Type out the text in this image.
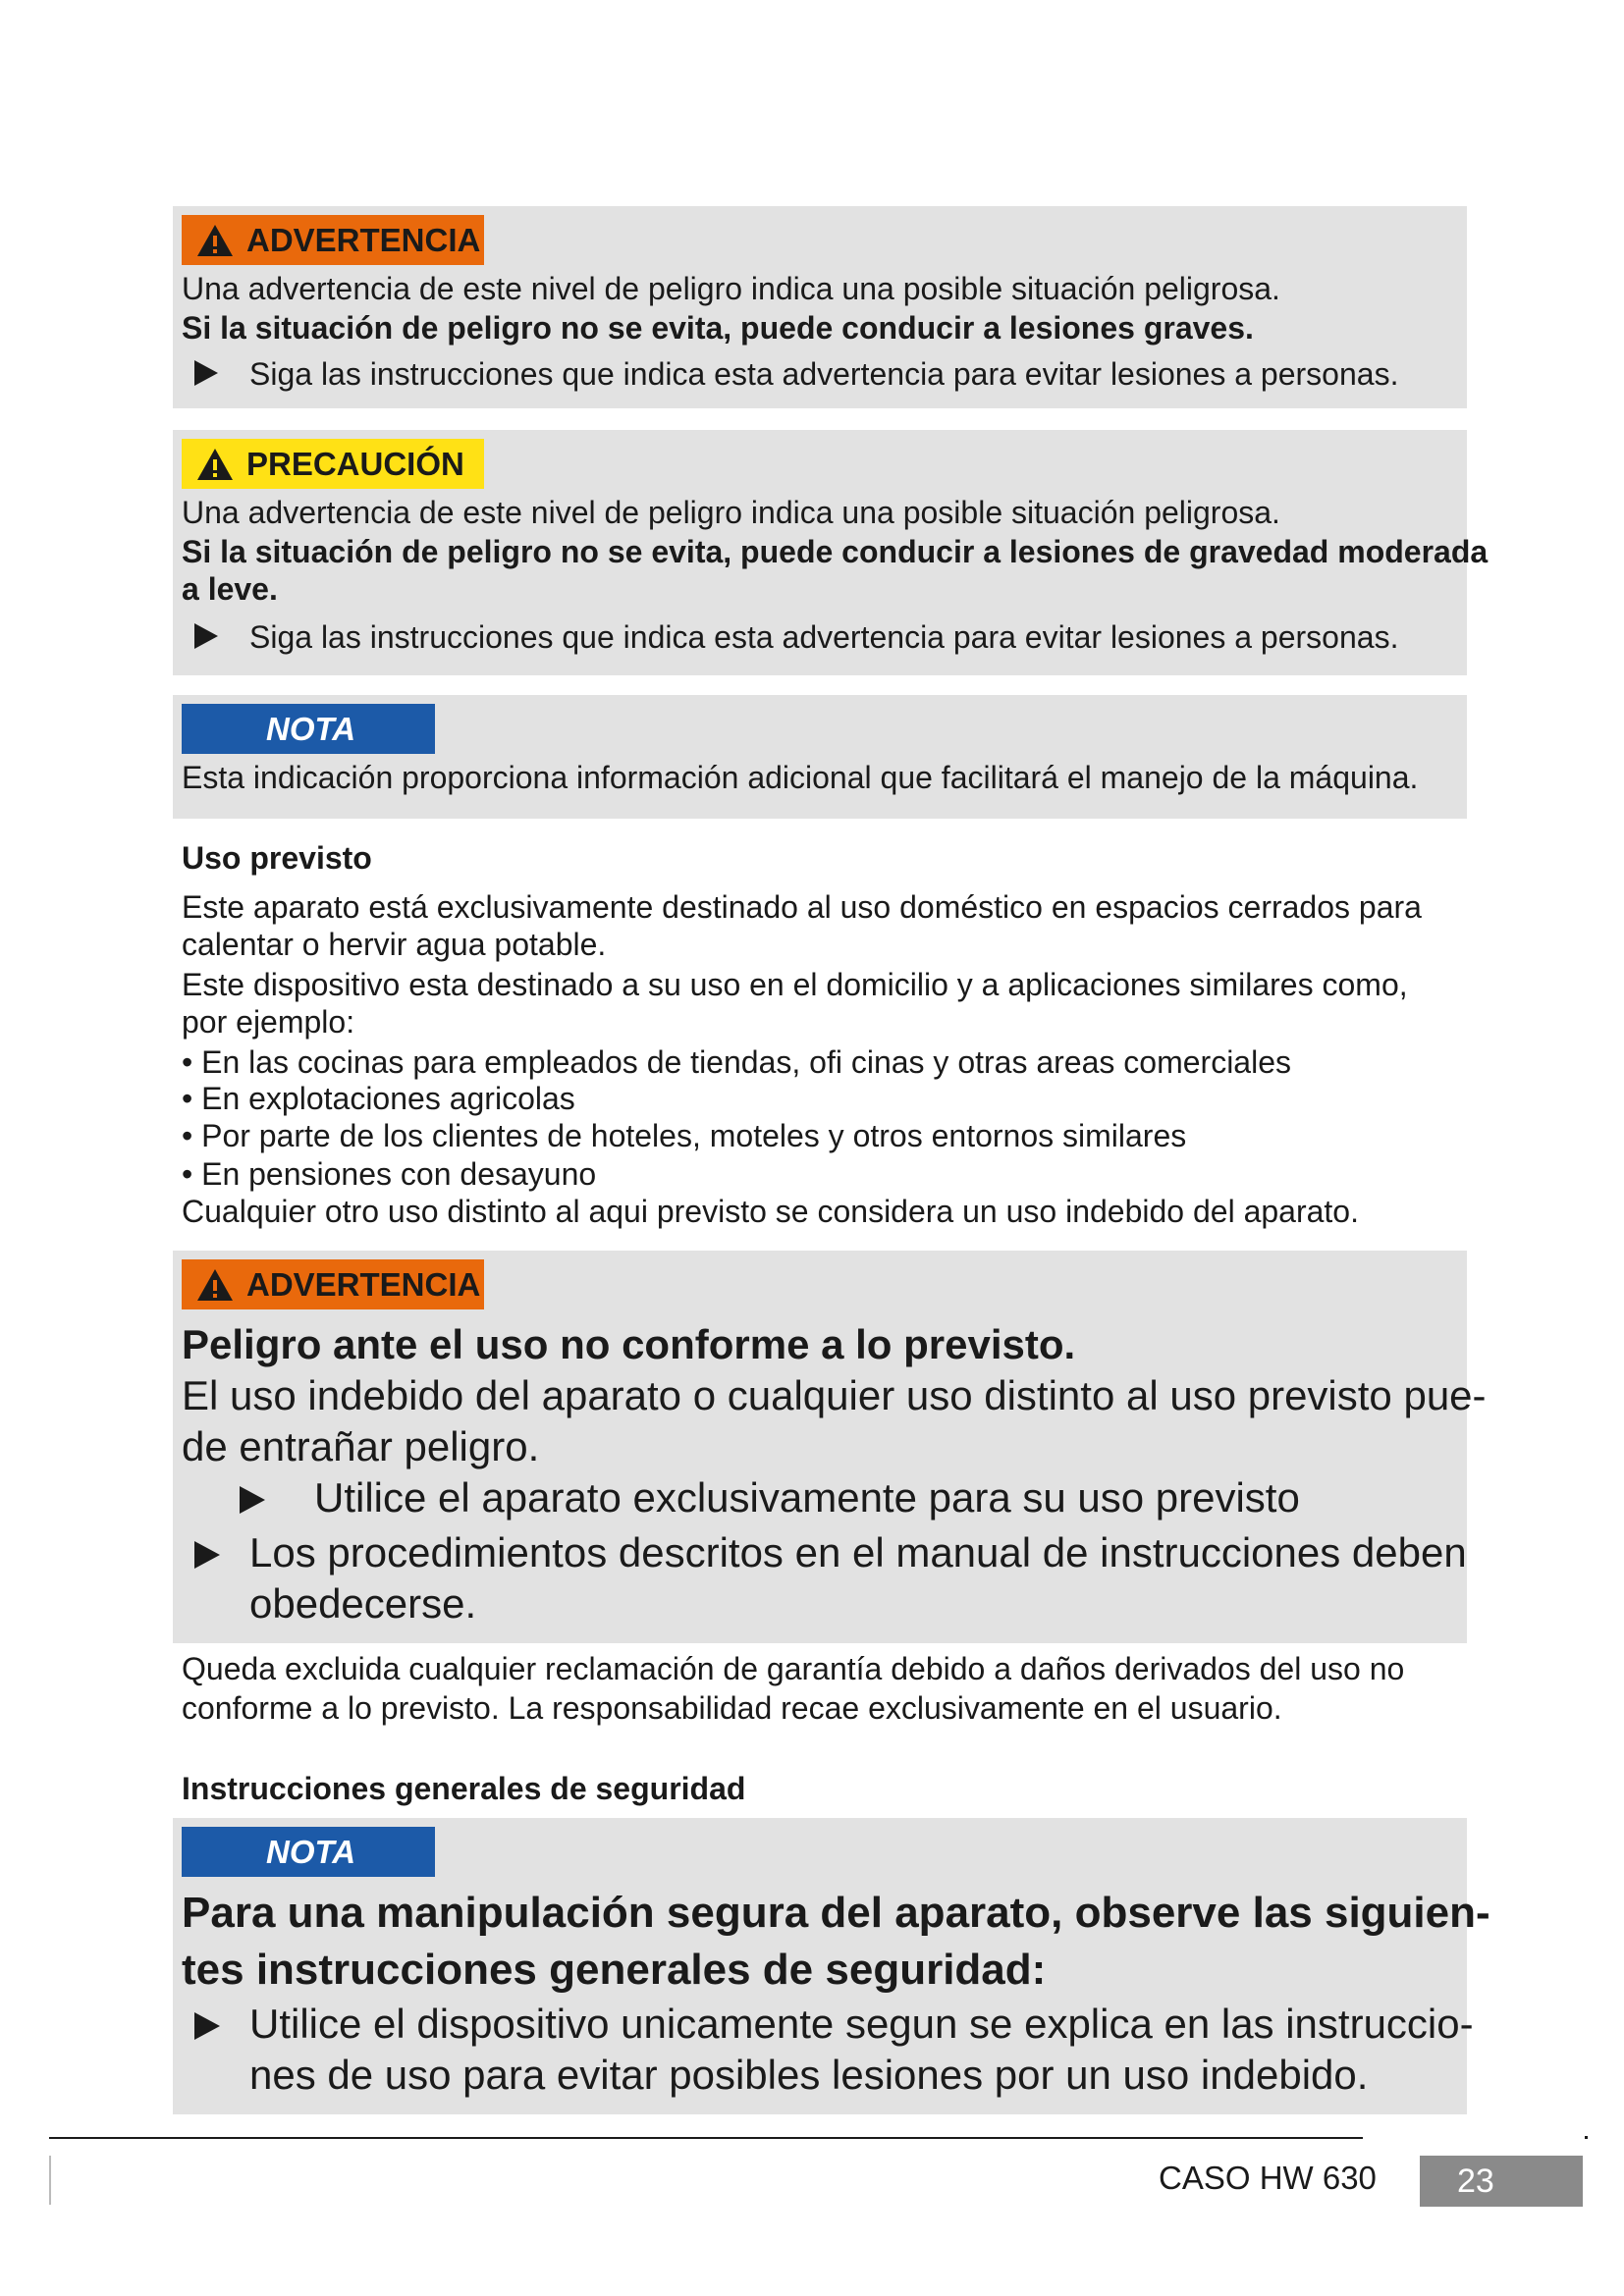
ADVERTENCIA
Una advertencia de este nivel de peligro indica una posible situación peligrosa.
Si la situación de peligro no se evita, puede conducir a lesiones graves.
Siga las instrucciones que indica esta advertencia para evitar lesiones a personas.
PRECAUCIÓN
Una advertencia de este nivel de peligro indica una posible situación peligrosa.
Si la situación de peligro no se evita, puede conducir a lesiones de gravedad moderada
a leve.
Siga las instrucciones que indica esta advertencia para evitar lesiones a personas.
NOTA
Esta indicación proporciona información adicional que facilitará el manejo de la máquina.
Uso previsto
Este aparato está exclusivamente destinado al uso doméstico en espacios cerrados para
calentar o hervir agua potable.
Este dispositivo esta destinado a su uso en el domicilio y a aplicaciones similares como,
por ejemplo:
• En las cocinas para empleados de tiendas, ofi cinas y otras areas comerciales
• En explotaciones agricolas
• Por parte de los clientes de hoteles, moteles y otros entornos similares
• En pensiones con desayuno
Cualquier otro uso distinto al aqui previsto se considera un uso indebido del aparato.
ADVERTENCIA
Peligro ante el uso no conforme a lo previsto.
El uso indebido del aparato o cualquier uso distinto al uso previsto pue-
de entrañar peligro.
Utilice el aparato exclusivamente para su uso previsto
Los procedimientos descritos en el manual de instrucciones deben
obedecerse.
Queda excluida cualquier reclamación de garantía debido a daños derivados del uso no
conforme a lo previsto. La responsabilidad recae exclusivamente en el usuario.
Instrucciones generales de seguridad
NOTA
Para una manipulación segura del aparato, observe las siguien-
tes instrucciones generales de seguridad:
Utilice el dispositivo unicamente segun se explica en las instruccio-
nes de uso para evitar posibles lesiones por un uso indebido.
CASO HW 630 23
